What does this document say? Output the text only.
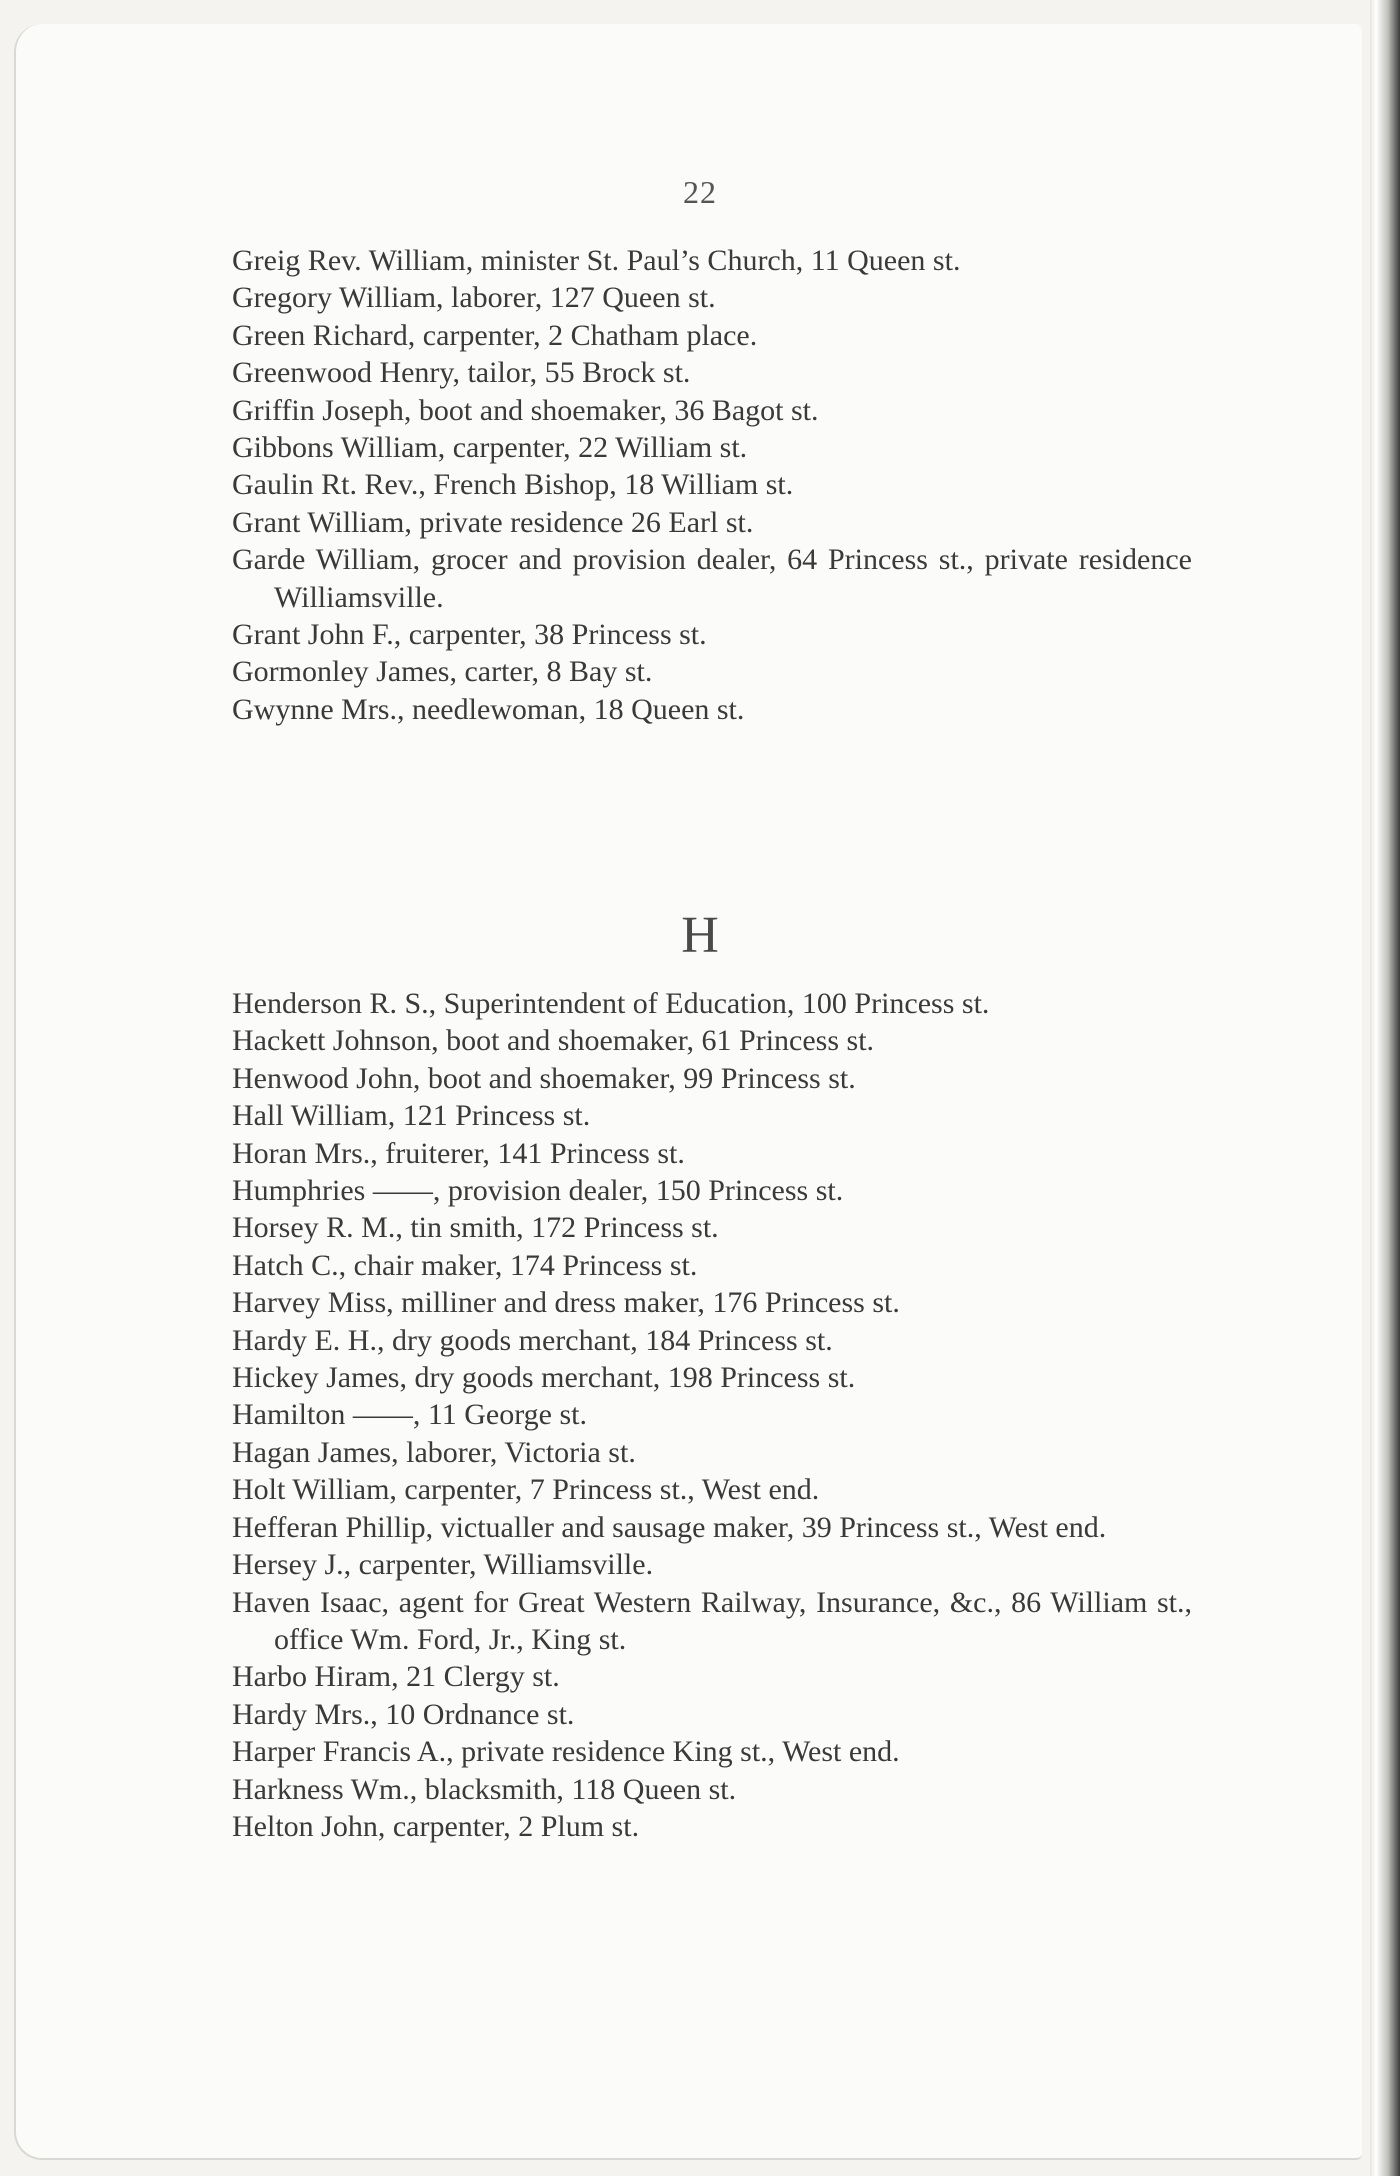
22
Greig Rev. William, minister St. Paul’s Church, 11 Queen st.
Gregory William, laborer, 127 Queen st.
Green Richard, carpenter, 2 Chatham place.
Greenwood Henry, tailor, 55 Brock st.
Griffin Joseph, boot and shoemaker, 36 Bagot st.
Gibbons William, carpenter, 22 William st.
Gaulin Rt. Rev., French Bishop, 18 William st.
Grant William, private residence 26 Earl st.
Garde William, grocer and provision dealer, 64 Princess st., private residence Williamsville.
Grant John F., carpenter, 38 Princess st.
Gormonley James, carter, 8 Bay st.
Gwynne Mrs., needlewoman, 18 Queen st.
H
Henderson R. S., Superintendent of Education, 100 Princess st.
Hackett Johnson, boot and shoemaker, 61 Princess st.
Henwood John, boot and shoemaker, 99 Princess st.
Hall William, 121 Princess st.
Horan Mrs., fruiterer, 141 Princess st.
Humphries ——, provision dealer, 150 Princess st.
Horsey R. M., tin smith, 172 Princess st.
Hatch C., chair maker, 174 Princess st.
Harvey Miss, milliner and dress maker, 176 Princess st.
Hardy E. H., dry goods merchant, 184 Princess st.
Hickey James, dry goods merchant, 198 Princess st.
Hamilton ——, 11 George st.
Hagan James, laborer, Victoria st.
Holt William, carpenter, 7 Princess st., West end.
Hefferan Phillip, victualler and sausage maker, 39 Princess st., West end.
Hersey J., carpenter, Williamsville.
Haven Isaac, agent for Great Western Railway, Insurance, &c., 86 William st., office Wm. Ford, Jr., King st.
Harbo Hiram, 21 Clergy st.
Hardy Mrs., 10 Ordnance st.
Harper Francis A., private residence King st., West end.
Harkness Wm., blacksmith, 118 Queen st.
Helton John, carpenter, 2 Plum st.
